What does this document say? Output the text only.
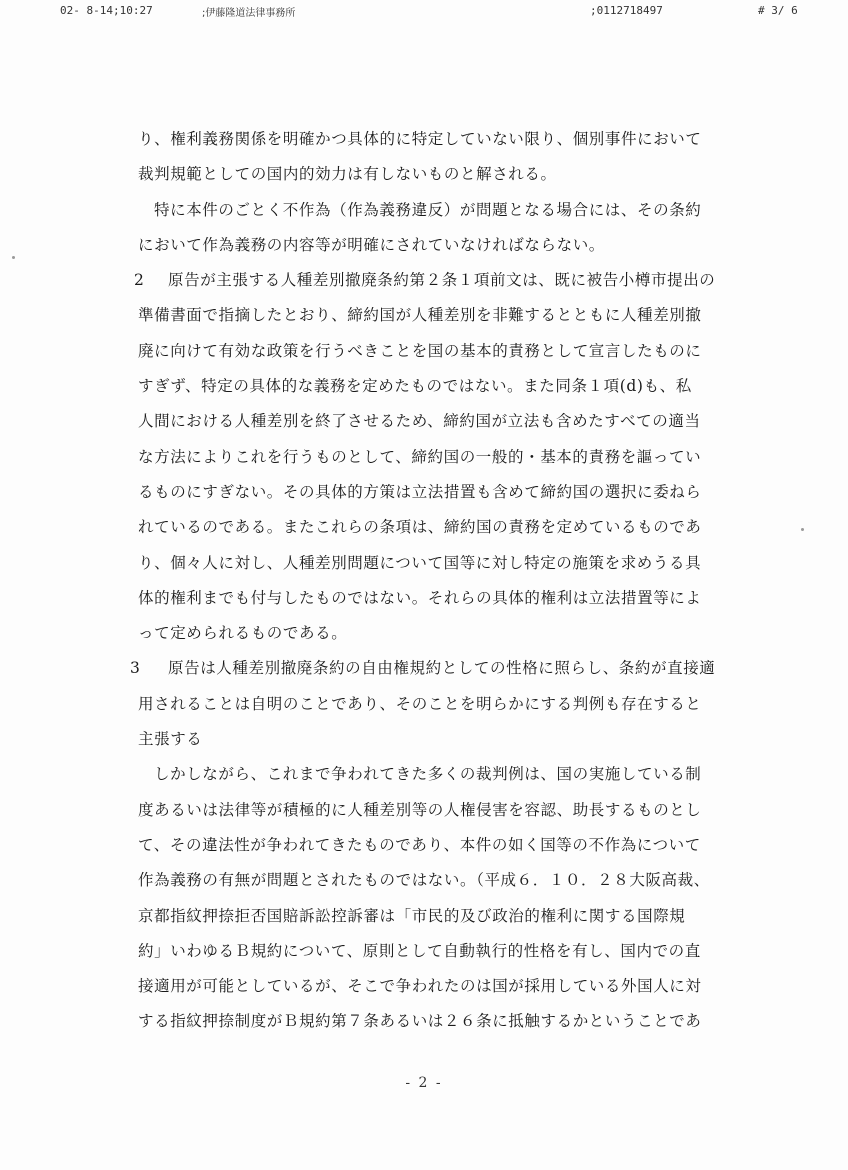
02- 8-14;10:27	;伊藤隆道法律事務所	;0112718497	# 3/ 6
り、権利義務関係を明確かつ具体的に特定していない限り、個別事件において
裁判規範としての国内的効力は有しないものと解される。
特に本件のごとく不作為（作為義務違反）が問題となる場合には、その条約
において作為義務の内容等が明確にされていなければならない。
2 原告が主張する人種差別撤廃条約第２条１項前文は、既に被告小樽市提出の
準備書面で指摘したとおり、締約国が人種差別を非難するとともに人種差別撤
廃に向けて有効な政策を行うべきことを国の基本的責務として宣言したものに
すぎず、特定の具体的な義務を定めたものではない。また同条１項(d)も、私
人間における人種差別を終了させるため、締約国が立法も含めたすべての適当
な方法によりこれを行うものとして、締約国の一般的・基本的責務を謳ってい
るものにすぎない。その具体的方策は立法措置も含めて締約国の選択に委ねら
れているのである。またこれらの条項は、締約国の責務を定めているものであ
り、個々人に対し、人種差別問題について国等に対し特定の施策を求めうる具
体的権利までも付与したものではない。それらの具体的権利は立法措置等によ
って定められるものである。
3 原告は人種差別撤廃条約の自由権規約としての性格に照らし、条約が直接適
用されることは自明のことであり、そのことを明らかにする判例も存在すると
主張する
しかしながら、これまで争われてきた多くの裁判例は、国の実施している制
度あるいは法律等が積極的に人種差別等の人権侵害を容認、助長するものとし
て、その違法性が争われてきたものであり、本件の如く国等の不作為について
作為義務の有無が問題とされたものではない。（平成６．１０．２８大阪高裁、
京都指紋押捺拒否国賠訴訟控訴審は「市民的及び政治的権利に関する国際規
約」いわゆるＢ規約について、原則として自動執行的性格を有し、国内での直
接適用が可能としているが、そこで争われたのは国が採用している外国人に対
する指紋押捺制度がＢ規約第７条あるいは２６条に抵触するかということであ
- 2 -
